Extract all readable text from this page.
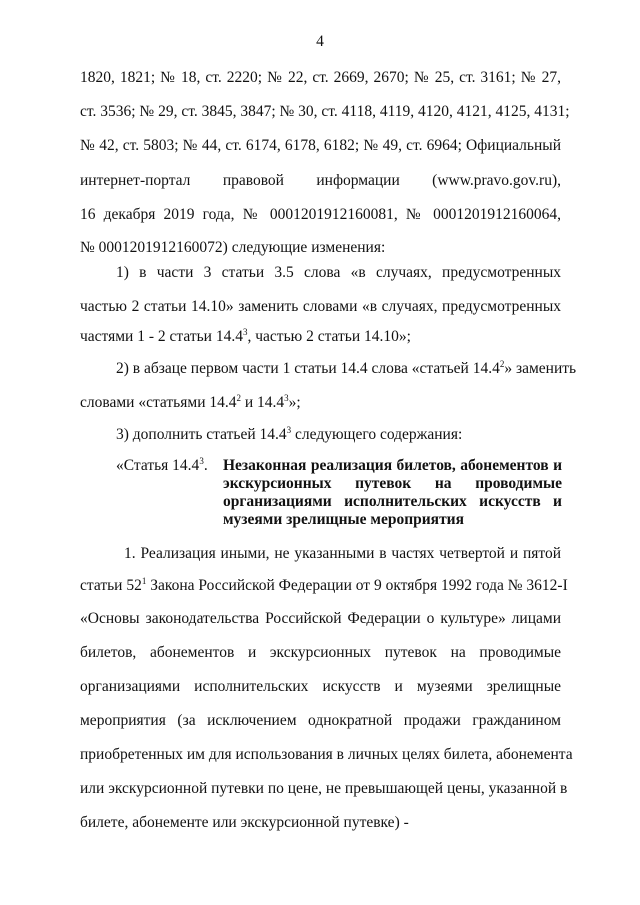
4
1820, 1821; № 18, ст. 2220; № 22, ст. 2669, 2670; № 25, ст. 3161; № 27,
ст. 3536; № 29, ст. 3845, 3847; № 30, ст. 4118, 4119, 4120, 4121, 4125, 4131;
№ 42, ст. 5803; № 44, ст. 6174, 6178, 6182; № 49, ст. 6964; Официальный
интернет-портал правовой информации (www.pravo.gov.ru),
16 декабря 2019 года, № 0001201912160081, № 0001201912160064,
№ 0001201912160072) следующие изменения:
1) в части 3 статьи 3.5 слова «в случаях, предусмотренных
частью 2 статьи 14.10» заменить словами «в случаях, предусмотренных
частями 1 - 2 статьи 14.4$^3$, частью 2 статьи 14.10»;
2) в абзаце первом части 1 статьи 14.4 слова «статьей 14.4$^2$» заменить
словами «статьями 14.4$^2$ и 14.4$^3$»;
3) дополнить статьей 14.4$^3$ следующего содержания:
«Статья 14.4$^3$. Незаконная реализация билетов, абонементов и
экскурсионных путевок на проводимые
организациями исполнительских искусств и
музеями зрелищные мероприятия
1. Реализация иными, не указанными в частях четвертой и пятой
статьи $52^1$ Закона Российской Федерации от 9 октября 1992 года № 3612-I
«Основы законодательства Российской Федерации о культуре» лицами
билетов, абонементов и экскурсионных путевок на проводимые
организациями исполнительских искусств и музеями зрелищные
мероприятия (за исключением однократной продажи гражданином
приобретенных им для использования в личных целях билета, абонемента
или экскурсионной путевки по цене, не превышающей цены, указанной в
билете, абонементе или экскурсионной путевке) -
